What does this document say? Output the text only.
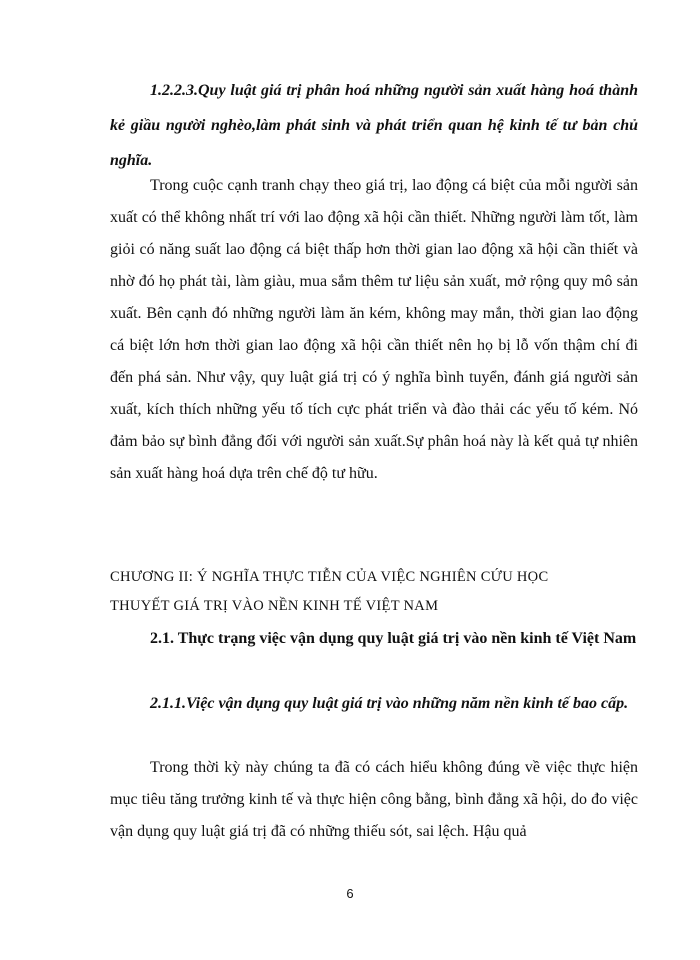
1.2.2.3.Quy luật giá trị phân hoá những người sản xuất hàng hoá thành kẻ giầu người nghèo,làm phát sinh và phát triển quan hệ kinh tế tư bản chủ nghĩa.
Trong cuộc cạnh tranh chạy theo giá trị, lao động cá biệt của mỗi người sản xuất có thể không nhất trí với lao động xã hội cần thiết. Những người làm tốt, làm giỏi có năng suất lao động cá biệt thấp hơn thời gian lao động xã hội cần thiết và nhờ đó họ phát tài, làm giàu, mua sắm thêm tư liệu sản xuất, mở rộng quy mô sản xuất. Bên cạnh đó những người làm ăn kém, không may mắn, thời gian lao động cá biệt lớn hơn thời gian lao động xã hội cần thiết nên họ bị lỗ vốn thậm chí đi đến phá sản. Như vậy, quy luật giá trị có ý nghĩa bình tuyển, đánh giá người sản xuất, kích thích những yếu tố tích cực phát triển và đào thải các yếu tố kém. Nó đảm bảo sự bình đẳng đối với người sản xuất.Sự phân hoá này là kết quả tự nhiên sản xuất hàng hoá dựa trên chế độ tư hữu.
CHƯƠNG II: Ý NGHĨA THỰC TIỄN CỦA VIỆC NGHIÊN CỨU HỌC
THUYẾT GIÁ TRỊ VÀO NỀN KINH TẾ VIỆT NAM
2.1. Thực trạng việc vận dụng quy luật giá trị vào nền kinh tế Việt Nam
2.1.1.Việc vận dụng quy luật giá trị vào những năm nền kinh tế bao cấp.
Trong thời kỳ này chúng ta đã có cách hiểu không đúng về việc thực hiện mục tiêu tăng trưởng kinh tế và thực hiện công bằng, bình đẳng xã hội, do đo việc vận dụng quy luật giá trị đã có những thiếu sót, sai lệch. Hậu quả
6
